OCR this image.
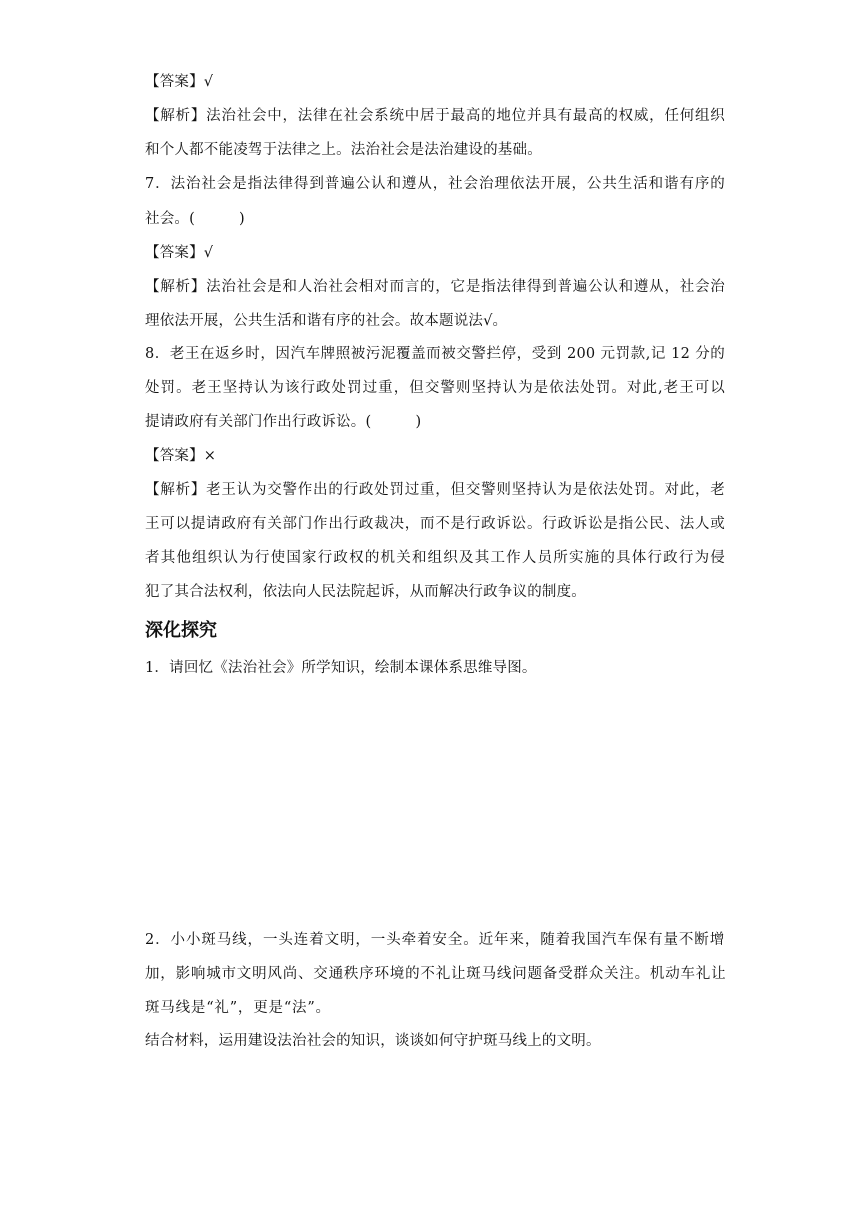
【答案】√
【解析】法治社会中，法律在社会系统中居于最高的地位并具有最高的权威，任何组织
和个人都不能凌驾于法律之上。法治社会是法治建设的基础。
7．法治社会是指法律得到普遍公认和遵从，社会治理依法开展，公共生活和谐有序的
社会。(　　　)
【答案】√
【解析】法治社会是和人治社会相对而言的，它是指法律得到普遍公认和遵从，社会治
理依法开展，公共生活和谐有序的社会。故本题说法√。
8．老王在返乡时，因汽车牌照被污泥覆盖而被交警拦停，受到 200 元罚款,记 12 分的
处罚。老王坚持认为该行政处罚过重，但交警则坚持认为是依法处罚。对此,老王可以
提请政府有关部门作出行政诉讼。(　　　)
【答案】×
【解析】老王认为交警作出的行政处罚过重，但交警则坚持认为是依法处罚。对此，老
王可以提请政府有关部门作出行政裁决，而不是行政诉讼。行政诉讼是指公民、法人或
者其他组织认为行使国家行政权的机关和组织及其工作人员所实施的具体行政行为侵
犯了其合法权利，依法向人民法院起诉，从而解决行政争议的制度。
深化探究
1．请回忆《法治社会》所学知识，绘制本课体系思维导图。
2．小小斑马线，一头连着文明，一头牵着安全。近年来，随着我国汽车保有量不断增
加，影响城市文明风尚、交通秩序环境的不礼让斑马线问题备受群众关注。机动车礼让
斑马线是“礼”，更是“法”。
结合材料，运用建设法治社会的知识，谈谈如何守护斑马线上的文明。
